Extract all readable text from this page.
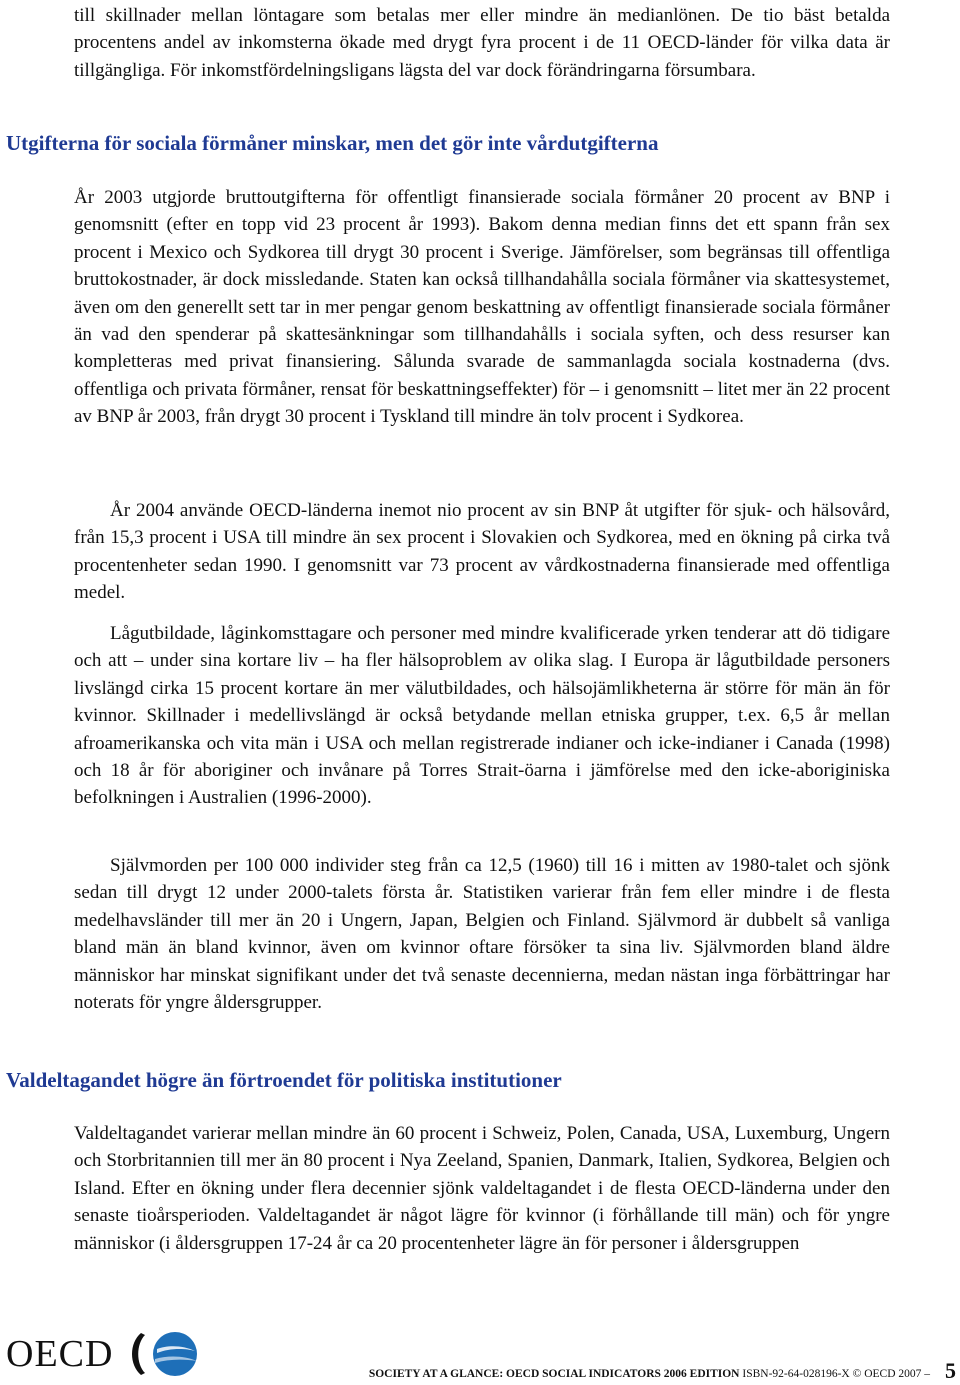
till skillnader mellan löntagare som betalas mer eller mindre än medianlönen. De tio bäst betalda procentens andel av inkomsterna ökade med drygt fyra procent i de 11 OECD-länder för vilka data är tillgängliga. För inkomstfördelningsligans lägsta del var dock förändringarna försumbara.

Utgifterna för sociala förmåner minskar, men det gör inte vårdutgifterna

År 2003 utgjorde bruttoutgifterna för offentligt finansierade sociala förmåner 20 procent av BNP i genomsnitt (efter en topp vid 23 procent år 1993). Bakom denna median finns det ett spann från sex procent i Mexico och Sydkorea till drygt 30 procent i Sverige. Jämförelser, som begränsas till offentliga bruttokostnader, är dock missledande. Staten kan också tillhandahålla sociala förmåner via skattesystemet, även om den generellt sett tar in mer pengar genom beskattning av offentligt finansierade sociala förmåner än vad den spenderar på skattesänkningar som tillhandahålls i sociala syften, och dess resurser kan kompletteras med privat finansiering. Sålunda svarade de sammanlagda sociala kostnaderna (dvs. offentliga och privata förmåner, rensat för beskattningseffekter) för – i genomsnitt – litet mer än 22 procent av BNP år 2003, från drygt 30 procent i Tyskland till mindre än tolv procent i Sydkorea.

År 2004 använde OECD-länderna inemot nio procent av sin BNP åt utgifter för sjuk- och hälsovård, från 15,3 procent i USA till mindre än sex procent i Slovakien och Sydkorea, med en ökning på cirka två procentenheter sedan 1990. I genomsnitt var 73 procent av vårdkostnaderna finansierade med offentliga medel.

Lågutbildade, låginkomsttagare och personer med mindre kvalificerade yrken tenderar att dö tidigare och att – under sina kortare liv – ha fler hälsoproblem av olika slag. I Europa är lågutbildade personers livslängd cirka 15 procent kortare än mer välutbildades, och hälsojämlikheterna är större för män än för kvinnor. Skillnader i medellivslängd är också betydande mellan etniska grupper, t.ex. 6,5 år mellan afroamerikanska och vita män i USA och mellan registrerade indianer och icke-indianer i Canada (1998) och 18 år för aboriginer och invånare på Torres Strait-öarna i jämförelse med den icke-aboriginiska befolkningen i Australien (1996-2000).

Självmorden per 100 000 individer steg från ca 12,5 (1960) till 16 i mitten av 1980-talet och sjönk sedan till drygt 12 under 2000-talets första år. Statistiken varierar från fem eller mindre i de flesta medelhavsländer till mer än 20 i Ungern, Japan, Belgien och Finland. Självmord är dubbelt så vanliga bland män än bland kvinnor, även om kvinnor oftare försöker ta sina liv. Självmorden bland äldre människor har minskat signifikant under det två senaste decennierna, medan nästan inga förbättringar har noterats för yngre åldersgrupper.

Valdeltagandet högre än förtroendet för politiska institutioner

Valdeltagandet varierar mellan mindre än 60 procent i Schweiz, Polen, Canada, USA, Luxemburg, Ungern och Storbritannien till mer än 80 procent i Nya Zeeland, Spanien, Danmark, Italien, Sydkorea, Belgien och Island. Efter en ökning under flera decennier sjönk valdeltagandet i de flesta OECD-länderna under den senaste tioårsperioden. Valdeltagandet är något lägre för kvinnor (i förhållande till män) och för yngre människor (i åldersgruppen 17-24 år ca 20 procentenheter lägre än för personer i åldersgruppen

OECD	SOCIETY AT A GLANCE: OECD SOCIAL INDICATORS 2006 EDITION ISBN-92-64-028196-X © OECD 2007 – 5
